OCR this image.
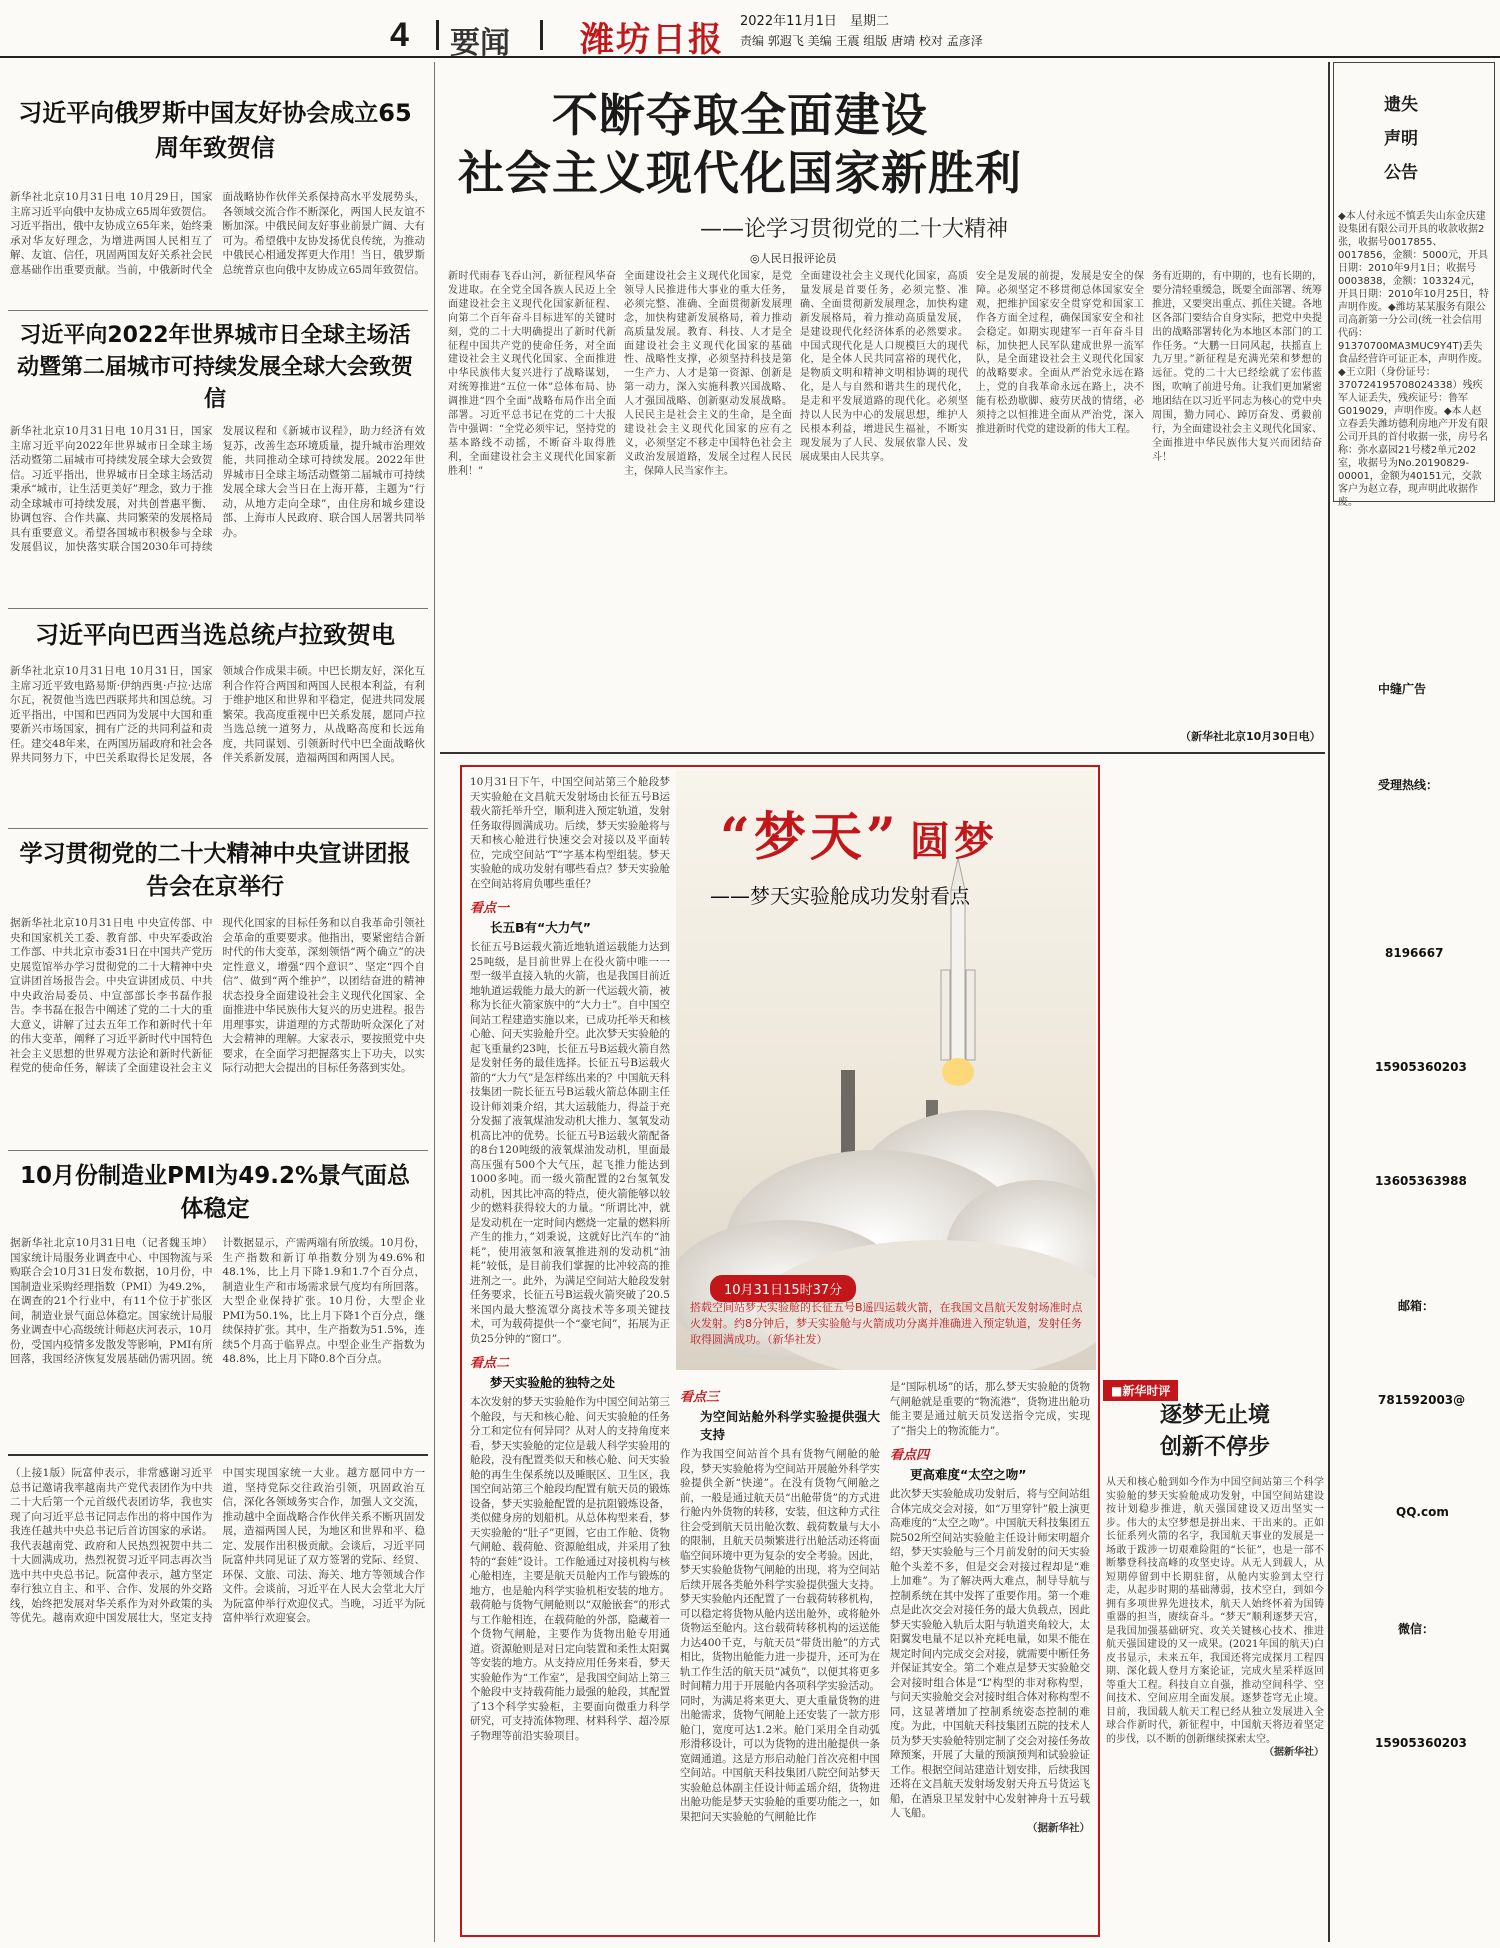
4 要闻 潍坊日报 2022年11月1日 星期二
责编 郭遐飞 美编 王震 组版 唐靖 校对 孟彦泽
习近平向俄罗斯中国友好协会成立65周年致贺信
新华社北京10月31日电 10月29日，国家主席习近平向俄中友协成立65周年致贺信。习近平指出，俄中友协成立65年来，始终秉承对华友好理念，为增进两国人民相互了解、友谊、信任，巩固两国友好关系社会民意基础作出重要贡献。当前，中俄新时代全面战略协作伙伴关系保持高水平发展势头，各领域交流合作不断深化，两国人民友谊不断加深。中俄民间友好事业前景广阔、大有可为。希望俄中友协发扬优良传统，为推动中俄民心相通发挥更大作用！当日，俄罗斯总统普京也向俄中友协成立65周年致贺信。
习近平向2022年世界城市日全球主场活动暨第二届城市可持续发展全球大会致贺信
新华社北京10月31日电 10月31日，国家主席习近平向2022年世界城市日全球主场活动暨第二届城市可持续发展全球大会致贺信。习近平指出，世界城市日全球主场活动秉承“城市，让生活更美好”理念，致力于推动全球城市可持续发展，对共创普惠平衡、协调包容、合作共赢、共同繁荣的发展格局具有重要意义。希望各国城市积极参与全球发展倡议，加快落实联合国2030年可持续发展议程和《新城市议程》，助力经济有效复苏，改善生态环境质量，提升城市治理效能，共同推动全球可持续发展。2022年世界城市日全球主场活动暨第二届城市可持续发展全球大会当日在上海开幕，主题为“行动，从地方走向全球”，由住房和城乡建设部、上海市人民政府、联合国人居署共同举办。
习近平向巴西当选总统卢拉致贺电
新华社北京10月31日电 10月31日，国家主席习近平致电路易斯·伊纳西奥·卢拉·达席尔瓦，祝贺他当选巴西联邦共和国总统。习近平指出，中国和巴西同为发展中大国和重要新兴市场国家，拥有广泛的共同利益和责任。建交48年来，在两国历届政府和社会各界共同努力下，中巴关系取得长足发展，各领域合作成果丰硕。中巴长期友好，深化互利合作符合两国和两国人民根本利益，有利于维护地区和世界和平稳定，促进共同发展繁荣。我高度重视中巴关系发展，愿同卢拉当选总统一道努力，从战略高度和长远角度，共同谋划、引领新时代中巴全面战略伙伴关系新发展，造福两国和两国人民。
学习贯彻党的二十大精神中央宣讲团报告会在京举行
据新华社北京10月31日电 中央宣传部、中央和国家机关工委、教育部、中央军委政治工作部、中共北京市委31日在中国共产党历史展览馆举办学习贯彻党的二十大精神中央宣讲团首场报告会。中央宣讲团成员、中共中央政治局委员、中宣部部长李书磊作报告。李书磊在报告中阐述了党的二十大的重大意义，讲解了过去五年工作和新时代十年的伟大变革，阐释了习近平新时代中国特色社会主义思想的世界观方法论和新时代新征程党的使命任务，解读了全面建设社会主义现代化国家的目标任务和以自我革命引领社会革命的重要要求。他指出，要紧密结合新时代的伟大变革，深刻领悟“两个确立”的决定性意义，增强“四个意识”、坚定“四个自信”、做到“两个维护”，以团结奋进的精神状态投身全面建设社会主义现代化国家、全面推进中华民族伟大复兴的历史进程。报告用理事实，讲道理的方式帮助听众深化了对大会精神的理解。大家表示，要按照党中央要求，在全面学习把握落实上下功夫，以实际行动把大会提出的目标任务落到实处。
10月份制造业PMI为49.2%景气面总体稳定
据新华社北京10月31日电（记者魏玉坤）国家统计局服务业调查中心、中国物流与采购联合会10月31日发布数据，10月份，中国制造业采购经理指数（PMI）为49.2%，在调查的21个行业中，有11个位于扩张区间，制造业景气面总体稳定。国家统计局服务业调查中心高级统计师赵庆河表示，10月份，受国内疫情多发散发等影响，PMI有所回落，我国经济恢复发展基础仍需巩固。统计数据显示，产需两端有所放缓。10月份，生产指数和新订单指数分别为49.6%和48.1%，比上月下降1.9和1.7个百分点，制造业生产和市场需求景气度均有所回落。大型企业保持扩张。10月份，大型企业PMI为50.1%，比上月下降1个百分点，继续保持扩张。其中，生产指数为51.5%，连续5个月高于临界点。中型企业生产指数为48.8%，比上月下降0.8个百分点。
（上接1版）阮富仲表示，非常感谢习近平总书记邀请我率越南共产党代表团作为中共二十大后第一个元首级代表团访华，我也实现了向习近平总书记同志作出的将中国作为我连任越共中央总书记后首访国家的承诺。我代表越南党、政府和人民热烈祝贺中共二十大圆满成功，热烈祝贺习近平同志再次当选中共中央总书记。阮富仲表示，越方坚定奉行独立自主、和平、合作、发展的外交路线，始终把发展对华关系作为对外政策的头等优先。越南欢迎中国发展壮大，坚定支持中国实现国家统一大业。越方愿同中方一道，坚持党际交往政治引领，巩固政治互信，深化各领域务实合作，加强人文交流，推动越中全面战略合作伙伴关系不断巩固发展，造福两国人民，为地区和世界和平、稳定、发展作出积极贡献。会谈后，习近平同阮富仲共同见证了双方签署的党际、经贸、环保、文旅、司法、海关、地方等领域合作文件。会谈前，习近平在人民大会堂北大厅为阮富仲举行欢迎仪式。当晚，习近平为阮富仲举行欢迎宴会。
不断夺取全面建设
社会主义现代化国家新胜利
——论学习贯彻党的二十大精神
◎人民日报评论员
新时代雨春飞吞山河，新征程风华奋发进取。在全党全国各族人民迈上全面建设社会主义现代化国家新征程、向第二个百年奋斗目标进军的关键时刻，党的二十大明确提出了新时代新征程中国共产党的使命任务，对全面建设社会主义现代化国家、全面推进中华民族伟大复兴进行了战略谋划，对统筹推进“五位一体”总体布局、协调推进“四个全面”战略布局作出全面部署。习近平总书记在党的二十大报告中强调：“全党必须牢记，坚持党的基本路线不动摇，不断奋斗取得胜利，全面建设社会主义现代化国家新胜利！”
全面建设社会主义现代化国家，是党领导人民推进伟大事业的重大任务，必须完整、准确、全面贯彻新发展理念，加快构建新发展格局，着力推动高质量发展。教育、科技、人才是全面建设社会主义现代化国家的基础性、战略性支撑，必须坚持科技是第一生产力、人才是第一资源、创新是第一动力，深入实施科教兴国战略、人才强国战略、创新驱动发展战略。人民民主是社会主义的生命，是全面建设社会主义现代化国家的应有之义，必须坚定不移走中国特色社会主义政治发展道路，发展全过程人民民主，保障人民当家作主。
全面建设社会主义现代化国家，高质量发展是首要任务，必须完整、准确、全面贯彻新发展理念，加快构建新发展格局，着力推动高质量发展，是建设现代化经济体系的必然要求。中国式现代化是人口规模巨大的现代化，是全体人民共同富裕的现代化，是物质文明和精神文明相协调的现代化，是人与自然和谐共生的现代化，是走和平发展道路的现代化。必须坚持以人民为中心的发展思想，维护人民根本利益，增进民生福祉，不断实现发展为了人民、发展依靠人民、发展成果由人民共享。
安全是发展的前提，发展是安全的保障。必须坚定不移贯彻总体国家安全观，把维护国家安全贯穿党和国家工作各方面全过程，确保国家安全和社会稳定。如期实现建军一百年奋斗目标，加快把人民军队建成世界一流军队，是全面建设社会主义现代化国家的战略要求。全面从严治党永远在路上，党的自我革命永远在路上，决不能有松劲歇脚、疲劳厌战的情绪，必须持之以恒推进全面从严治党，深入推进新时代党的建设新的伟大工程。
务有近期的，有中期的，也有长期的，要分清轻重缓急，既要全面部署、统筹推进，又要突出重点、抓住关键。各地区各部门要结合自身实际，把党中央提出的战略部署转化为本地区本部门的工作任务。“大鹏一日同风起，扶摇直上九万里。”新征程是充满光荣和梦想的远征。党的二十大已经绘就了宏伟蓝图，吹响了前进号角。让我们更加紧密地团结在以习近平同志为核心的党中央周围，勠力同心、踔厉奋发、勇毅前行，为全面建设社会主义现代化国家、全面推进中华民族伟大复兴而团结奋斗！
（新华社北京10月30日电）
“梦天” 圆梦
——梦天实验舱成功发射看点
10月31日15时37分
搭载空间站梦天实验舱的长征五号B遥四运载火箭，在我国文昌航天发射场准时点火发射。约8分钟后，梦天实验舱与火箭成功分离并准确进入预定轨道，发射任务取得圆满成功。（新华社发）
10月31日下午，中国空间站第三个舱段梦天实验舱在文昌航天发射场由长征五号B运载火箭托举升空，顺利进入预定轨道，发射任务取得圆满成功。后续，梦天实验舱将与天和核心舱进行快速交会对接以及平面转位，完成空间站“T”字基本构型组装。梦天实验舱的成功发射有哪些看点？梦天实验舱在空间站将肩负哪些重任？
看点一
长五B有“大力气”
长征五号B运载火箭近地轨道运载能力达到25吨级，是目前世界上在役火箭中唯一一型一级半直接入轨的火箭，也是我国目前近地轨道运载能力最大的新一代运载火箭，被称为长征火箭家族中的“大力士”。自中国空间站工程建造实施以来，已成功托举天和核心舱、问天实验舱升空。此次梦天实验舱的起飞重量约23吨，长征五号B运载火箭自然是发射任务的最佳选择。长征五号B运载火箭的“大力气”是怎样练出来的？中国航天科技集团一院长征五号B运载火箭总体副主任设计师刘秉介绍，其大运载能力，得益于充分发掘了液氧煤油发动机大推力、氢氧发动机高比冲的优势。长征五号B运载火箭配备的8台120吨级的液氧煤油发动机，里面最高压强有500个大气压，起飞推力能达到1000多吨。而一级火箭配置的2台氢氧发动机，因其比冲高的特点，使火箭能够以较少的燃料获得较大的力量。“所谓比冲，就是发动机在一定时间内燃烧一定量的燃料所产生的推力，”刘秉说，这就好比汽车的“油耗”，使用液氢和液氧推进剂的发动机“油耗”较低，是目前我们掌握的比冲较高的推进剂之一。此外，为满足空间站大舱段发射任务要求，长征五号B运载火箭突破了20.5米国内最大整流罩分离技术等多项关键技术，可为载荷提供一个“豪宅间”，拓展为正负25分钟的“窗口”。
看点二
梦天实验舱的独特之处
本次发射的梦天实验舱作为中国空间站第三个舱段，与天和核心舱、问天实验舱的任务分工和定位有何异同？从对人的支持角度来看，梦天实验舱的定位是载人科学实验用的舱段，没有配置类似天和核心舱、问天实验舱的再生生保系统以及睡眠区、卫生区，我国空间站第三个舱段均配置有航天员的锻炼设备，梦天实验舱配置的是抗阻锻炼设备，类似健身房的划船机。从总体构型来看，梦天实验舱的“肚子”更圆，它由工作舱、货物气闸舱、载荷舱、资源舱组成，并采用了独特的“套娃”设计。工作舱通过对接机构与核心舱相连，主要是航天员舱内工作与锻炼的地方，也是舱内科学实验机柜安装的地方。载荷舱与货物气闸舱则以“双舱嵌套”的形式与工作舱相连，在载荷舱的外部，隐藏着一个货物气闸舱，主要作为货物出舱专用通道。资源舱则是对日定向装置和柔性太阳翼等安装的地方。从支持应用任务来看，梦天实验舱作为“工作室”，是我国空间站上第三个舱段中支持载荷能力最强的舱段，其配置了13个科学实验柜，主要面向微重力科学研究，可支持流体物理、材料科学、超冷原子物理等前沿实验项目。
看点三
为空间站舱外科学实验提供强大支持
作为我国空间站首个具有货物气闸舱的舱段，梦天实验舱将为空间站开展舱外科学实验提供全新“快递”。在没有货物气闸舱之前，一般是通过航天员“出舱带货”的方式进行舱内外货物的转移，安装，但这种方式往往会受到航天员出舱次数、载荷数量与大小的限制，且航天员频繁进行出舱活动还将面临空间环境中更为复杂的安全考验。因此，梦天实验舱货物气闸舱的出现，将为空间站后续开展各类舱外科学实验提供强大支持。梦天实验舱内还配置了一台载荷转移机构，可以稳定将货物从舱内送出舱外，或将舱外货物运至舱内。这台载荷转移机构的运送能力达400千克，与航天员“带货出舱”的方式相比，货物出舱能力进一步提升，还可为在轨工作生活的航天员“减负”，以便其将更多时间精力用于开展舱内各项科学实验活动。同时，为满足将来更大、更大重量货物的进出舱需求，货物气闸舱上还安装了一款方形舱门，宽度可达1.2米。舱门采用全自动弧形滑移设计，可以为货物的进出舱提供一条宽阔通道。这是方形启动舱门首次亮相中国空间站。中国航天科技集团八院空间站梦天实验舱总体副主任设计师孟瑶介绍，货物进出舱功能是梦天实验舱的重要功能之一，如果把问天实验舱的气闸舱比作
是“国际机场”的话，那么梦天实验舱的货物气闸舱就是重要的“物流港”，货物进出舱功能主要是通过航天员发送指令完成，实现了“指尖上的物流能力”。
看点四
更高难度“太空之吻”
此次梦天实验舱成功发射后，将与空间站组合体完成交会对接，如“万里穿针”般上演更高难度的“太空之吻”。中国航天科技集团五院502所空间站实验舱主任设计师宋明超介绍，梦天实验舱与三个月前发射的问天实验舱个头差不多，但是交会对接过程却是“难上加难”。为了解决两大难点，制导导航与控制系统在其中发挥了重要作用。第一个难点是此次交会对接任务的最大负载点，因此梦天实验舱入轨后太阳与轨道夹角较大，太阳翼发电量不足以补充耗电量，如果不能在规定时间内完成交会对接，就需要中断任务并保证其安全。第二个难点是梦天实验舱交会对接时组合体是“L”构型的非对称构型，与问天实验舱交会对接时组合体对称构型不同，这显著增加了控制系统姿态控制的难度。为此，中国航天科技集团五院的技术人员为梦天实验舱特别定制了交会对接任务故障预案，开展了大量的预演预判和试验验证工作。根据空间站建造计划安排，后续我国还将在文昌航天发射场发射天舟五号货运飞船，在酒泉卫星发射中心发射神舟十五号载人飞船。
（据新华社）
■新华时评
逐梦无止境
创新不停步
从天和核心舱到如今作为中国空间站第三个科学实验舱的梦天实验舱成功发射，中国空间站建设按计划稳步推进，航天强国建设又迈出坚实一步。伟大的太空梦想是拼出来、干出来的。正如长征系列火箭的名字，我国航天事业的发展是一场敢于跋涉一切艰难险阻的“长征”，也是一部不断攀登科技高峰的攻坚史诗。从无人到载人，从短期停留到中长期驻留，从舱内实验到太空行走，从起步时期的基础薄弱，技术空白，到如今拥有多项世界先进技术，航天人始终怀着为国铸重器的担当，赓续奋斗。“梦天”顺利逐梦天宫，是我国加强基础研究、攻关关键核心技术、推进航天强国建设的又一成果。(2021年国的航天)白皮书显示，未来五年，我国还将完成探月工程四期、深化载人登月方案论证，完成火星采样返回等重大工程。科技自立自强，推动空间科学、空间技术、空间应用全面发展。逐梦苍穹无止境。目前，我国载人航天工程已经从独立发展进入全球合作新时代，新征程中，中国航天将迈着坚定的步伐，以不断的创新继续探索太空。
（据新华社）
遗失
声明
公告
◆本人付永远不慎丢失山东金庆建设集团有限公司开具的收款收据2张，收据号0017855、0017856，金额：5000元，开具日期：2010年9月1日；收据号0003838，金额：103324元，开具日期：2010年10月25日，特声明作废。◆潍坊某某服务有限公司高新第一分公司(统一社会信用代码：91370700MA3MUC9Y4T)丢失食品经营许可证正本，声明作废。◆王立阳（身份证号：370724195708024338）残疾军人证丢失，残疾证号：鲁军G019029，声明作废。◆本人赵立春丢失潍坊德利房地产开发有限公司开具的首付收据一张，房号名称：弥水嘉园21号楼2单元202室，收据号为No.20190829-00001，金额为40151元，交款客户为赵立春，现声明此收据作废。
中缝广告
受理热线：
8196667
15905360203
13605363988
邮箱：
781592003@
QQ.com
微信：
15905360203
